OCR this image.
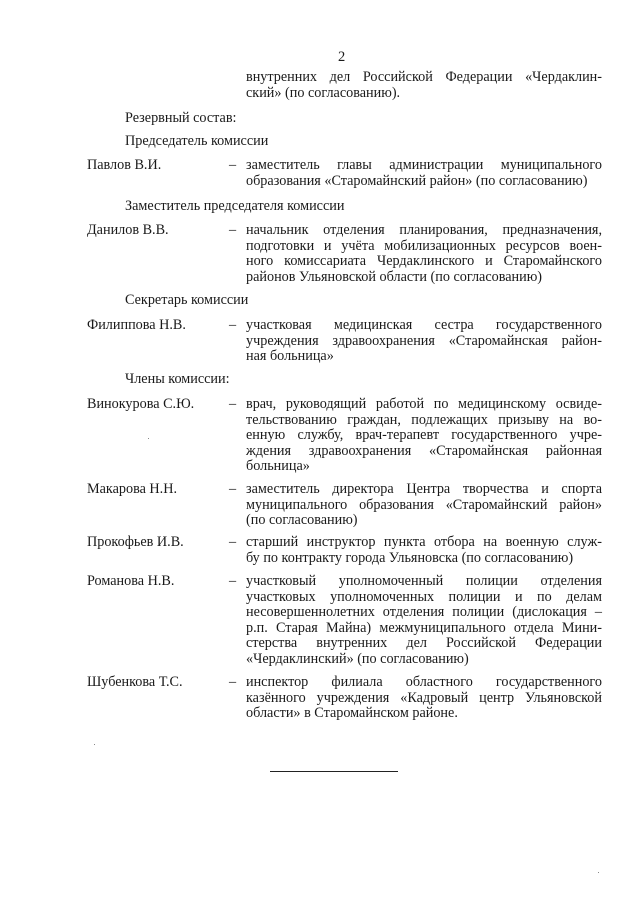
2
внутренних дел Российской Федерации «Чердаклин-
ский» (по согласованию).
Резервный состав:
Председатель комиссии
Павлов В.И.	– заместитель главы администрации муниципального
образования «Старомайнский район» (по согласованию)
Заместитель председателя комиссии
Данилов В.В.	– начальник отделения планирования, предназначения,
подготовки и учёта мобилизационных ресурсов воен-
ного комиссариата Чердаклинского и Старомайнского
районов Ульяновской области (по согласованию)
Секретарь комиссии
Филиппова Н.В.	– участковая медицинская сестра государственного
учреждения здравоохранения «Старомайнская район-
ная больница»
Члены комиссии:
Винокурова С.Ю. – врач, руководящий работой по медицинскому освиде-
тельствованию граждан, подлежащих призыву на во-
енную службу, врач-терапевт государственного учре-
ждения здравоохранения «Старомайнская районная
больница»
Макарова Н.Н.	– заместитель директора Центра творчества и спорта
муниципального образования «Старомайнский район»
(по согласованию)
Прокофьев И.В.	– старший инструктор пункта отбора на военную служ-
бу по контракту города Ульяновска (по согласованию)
Романова Н.В.	– участковый уполномоченный полиции отделения
участковых уполномоченных полиции и по делам
несовершеннолетних отделения полиции (дислокация –
р.п. Старая Майна) межмуниципального отдела Мини-
стерства внутренних дел Российской Федерации
«Чердаклинский» (по согласованию)
Шубенкова Т.С.	– инспектор филиала областного государственного
казённого учреждения «Кадровый центр Ульяновской
области» в Старомайнском районе.
